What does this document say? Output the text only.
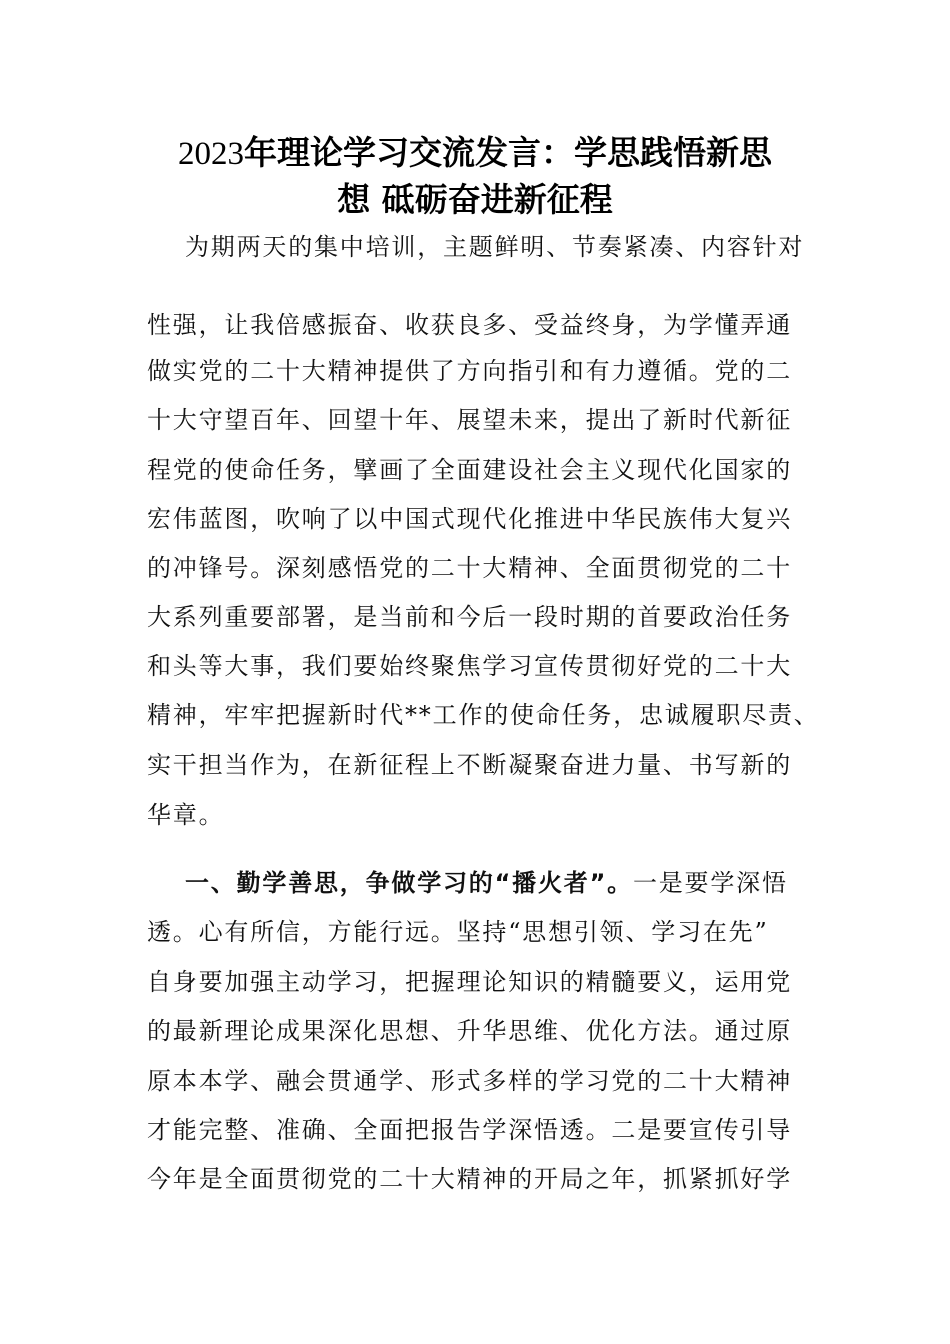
2023年理论学习交流发言：学思践悟新思
想 砥砺奋进新征程
为期两天的集中培训，主题鲜明、节奏紧凑、内容针对
性强，让我倍感振奋、收获良多、受益终身，为学懂弄通
做实党的二十大精神提供了方向指引和有力遵循。党的二
十大守望百年、回望十年、展望未来，提出了新时代新征
程党的使命任务，擘画了全面建设社会主义现代化国家的
宏伟蓝图，吹响了以中国式现代化推进中华民族伟大复兴
的冲锋号。深刻感悟党的二十大精神、全面贯彻党的二十
大系列重要部署，是当前和今后一段时期的首要政治任务
和头等大事，我们要始终聚焦学习宣传贯彻好党的二十大
精神，牢牢把握新时代**工作的使命任务，忠诚履职尽责、
实干担当作为，在新征程上不断凝聚奋进力量、书写新的
华章。
一、勤学善思，争做学习的“播火者”。一是要学深悟
透。心有所信，方能行远。坚持“思想引领、学习在先”
自身要加强主动学习，把握理论知识的精髓要义，运用党
的最新理论成果深化思想、升华思维、优化方法。通过原
原本本学、融会贯通学、形式多样的学习党的二十大精神
才能完整、准确、全面把报告学深悟透。二是要宣传引导
今年是全面贯彻党的二十大精神的开局之年，抓紧抓好学
